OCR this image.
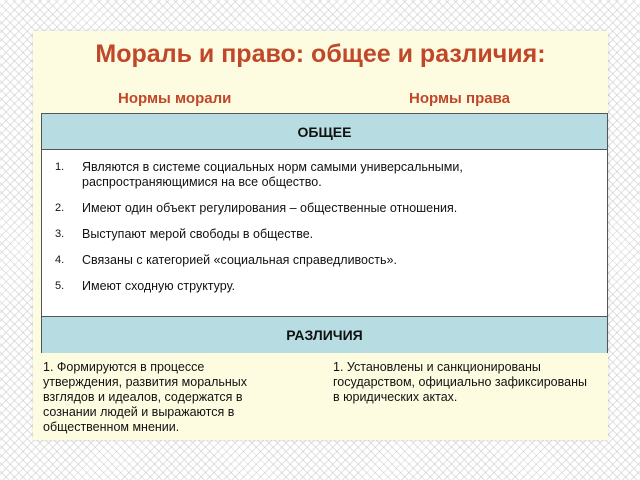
Мораль и право: общее и различия:
Нормы морали	Нормы права
ОБЩЕЕ
1. Являются в системе социальных норм самыми универсальными, распространяющимися на все общество.
2. Имеют один объект регулирования – общественные отношения.
3. Выступают мерой свободы в обществе.
4. Связаны с категорией «социальная справедливость».
5. Имеют сходную структуру.
РАЗЛИЧИЯ
1. Формируются в процессе утверждения, развития моральных взглядов и идеалов, содержатся в сознании людей и выражаются в общественном мнении.
1. Установлены и санкционированы государством, официально зафиксированы в юридических актах.
